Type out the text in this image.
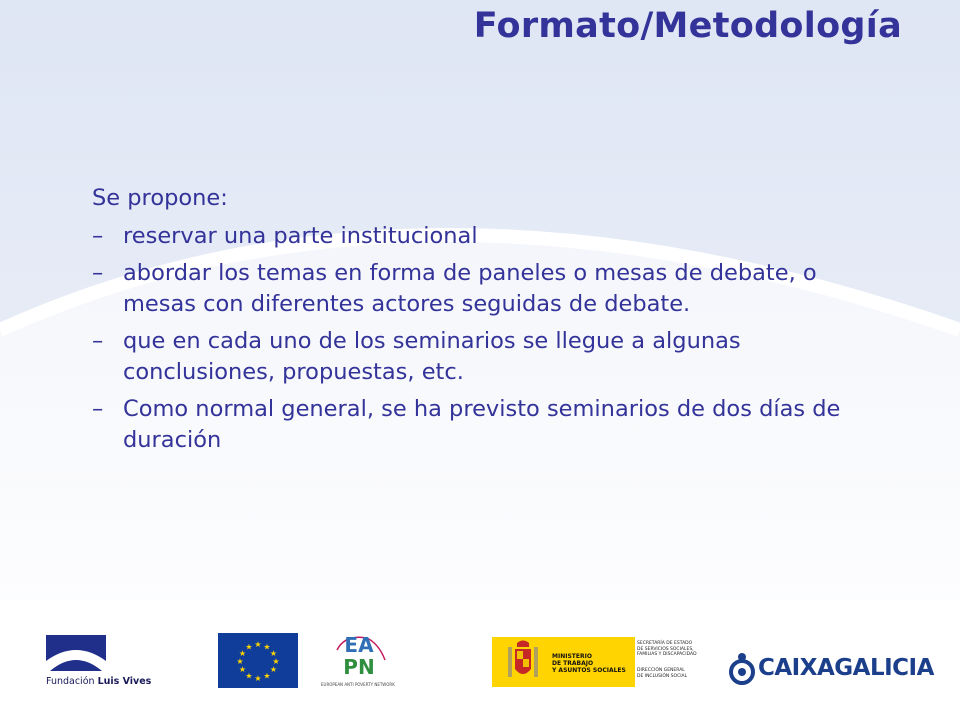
Formato/Metodología

Se propone:

– reservar una parte institucional
– abordar los temas en forma de paneles o mesas de debate, o mesas con diferentes actores seguidas de debate.
– que en cada uno de los seminarios se llegue a algunas conclusiones, propuestas, etc.
– Como normal general, se ha previsto seminarios de dos días de duración
Fundación Luis Vives
★ ★
★
★
★
★
★
★
★
★
★
★	EA
PN
EUROPEAN ANTI POVERTY NETWORK
MINISTERIO
DE TRABAJO
Y ASUNTOS SOCIALES
SECRETARÍA DE ESTADO
DE SERVICIOS SOCIALES,
FAMILIAS Y DISCAPACIDAD
DIRECCIÓN GENERAL
DE INCLUSIÓN SOCIAL	CAIXAGALICIA
